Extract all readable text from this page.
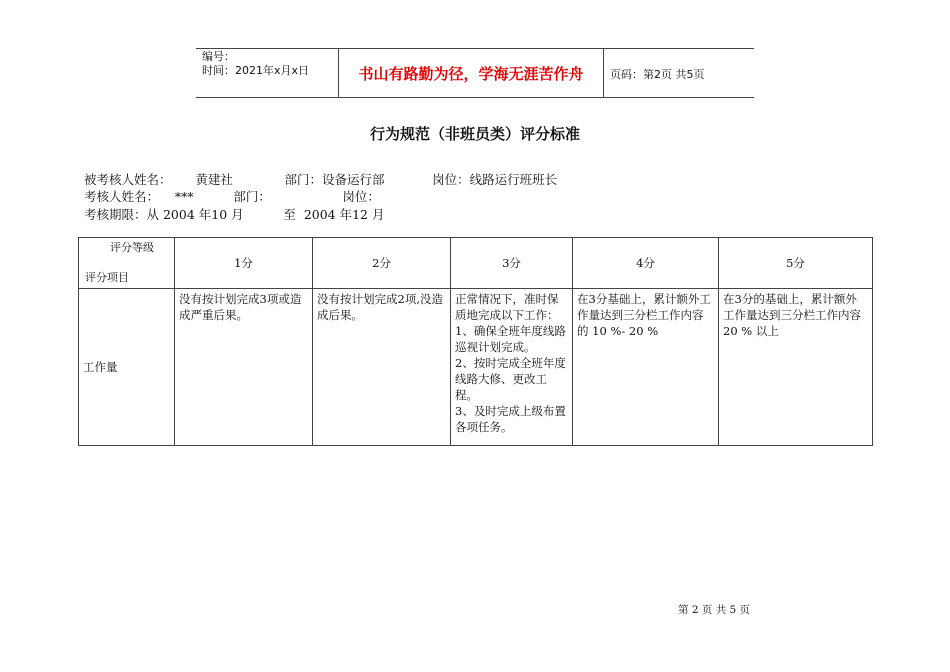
编号：
时间：2021年x月x日	书山有路勤为径，学海无涯苦作舟	页码：第2页 共5页
行为规范（非班员类）评分标准
被考核人姓名：      黄建社             部门：设备运行部            岗位：线路运行班班长
考核人姓名：    ***          部门：                  岗位：
考核期限：从 2004 年10 月          至  2004 年12 月
评分等级
评分项目	1分	2分	3分	4分	5分
工作量	没有按计划完成3项或造成严重后果。	没有按计划完成2项,没造成后果。	正常情况下，准时保质地完成以下工作：
1、确保全班年度线路巡视计划完成。
2、按时完成全班年度线路大修、更改工程。
3、及时完成上级布置各项任务。	在3分基础上，累计额外工作量达到三分栏工作内容的 10 %- 20 %	在3分的基础上，累计额外工作量达到三分栏工作内容 20 % 以上
第 2 页 共 5 页
